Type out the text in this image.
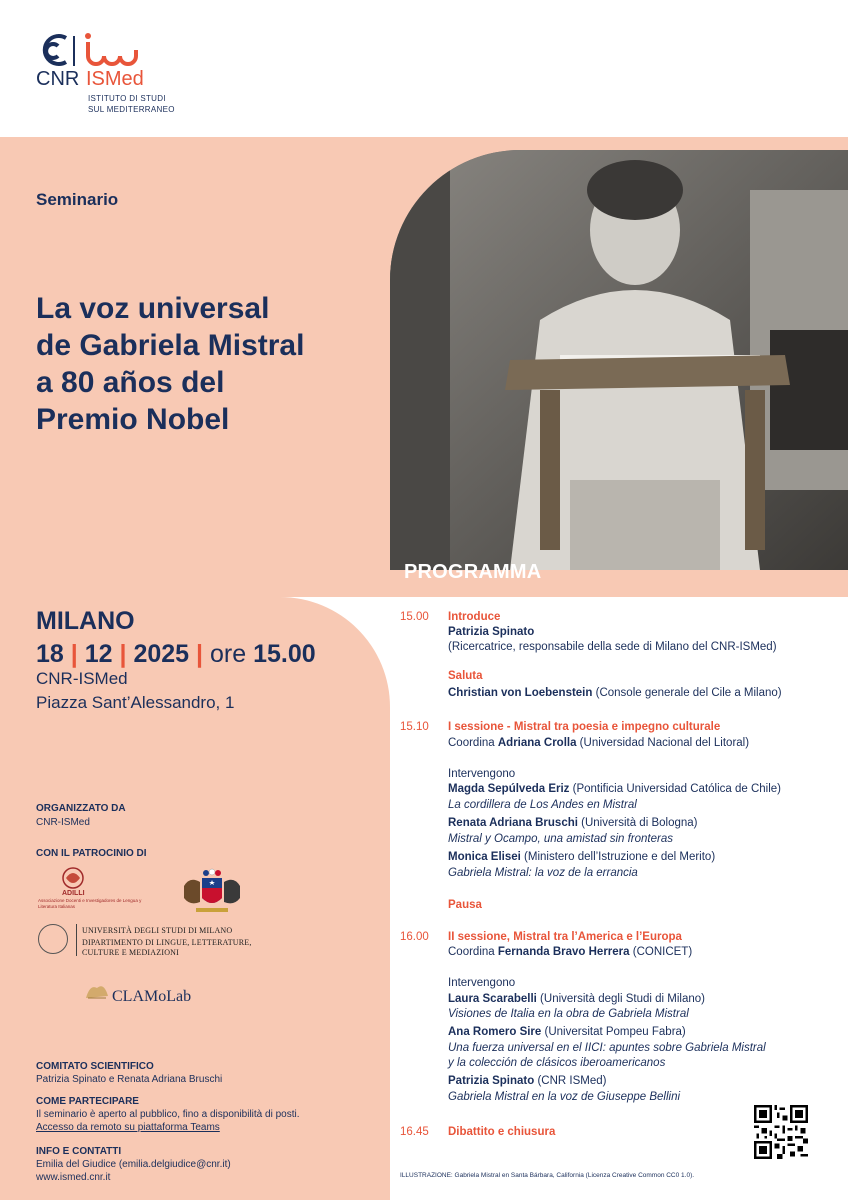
CNR ISMed
ISTITUTO DI STUDI
SUL MEDITERRANEO
Seminario
La voz universal
de Gabriela Mistral
a 80 años del
Premio Nobel
MILANO
18 | 12 | 2025 | ore 15.00
CNR-ISMed
Piazza Sant’Alessandro, 1
ORGANIZZATO DA
CNR-ISMed
CON IL PATROCINIO DI
ADILLI
Associazione Docenti e Investigadores de Lengua y Literatura Italianas
UNIVERSITÀ DEGLI STUDI DI MILANO
DIPARTIMENTO DI LINGUE, LETTERATURE,
CULTURE E MEDIAZIONI
CLAMoLab
COMITATO SCIENTIFICO
Patrizia Spinato e Renata Adriana Bruschi
COME PARTECIPARE
Il seminario è aperto al pubblico, fino a disponibilità di posti.
Accesso da remoto su piattaforma Teams
INFO E CONTATTI
Emilia del Giudice (emilia.delgiudice@cnr.it)
www.ismed.cnr.it
PROGRAMMA
15.00 Introduce
Patrizia Spinato
(Ricercatrice, responsabile della sede di Milano del CNR-ISMed)
Saluta
Christian von Loebenstein (Console generale del Cile a Milano)
15.10 I sessione - Mistral tra poesia e impegno culturale
Coordina Adriana Crolla (Universidad Nacional del Litoral)
Intervengono
Magda Sepúlveda Eriz (Pontificia Universidad Católica de Chile)
La cordillera de Los Andes en Mistral
Renata Adriana Bruschi (Università di Bologna)
Mistral y Ocampo, una amistad sin fronteras
Monica Elisei (Ministero dell’Istruzione e del Merito)
Gabriela Mistral: la voz de la errancia
Pausa
16.00 II sessione, Mistral tra l’America e l’Europa
Coordina Fernanda Bravo Herrera (CONICET)
Intervengono
Laura Scarabelli (Università degli Studi di Milano)
Visiones de Italia en la obra de Gabriela Mistral
Ana Romero Sire (Universitat Pompeu Fabra)
Una fuerza universal en el IICI: apuntes sobre Gabriela Mistral
y la colección de clásicos iberoamericanos
Patrizia Spinato (CNR ISMed)
Gabriela Mistral en la voz de Giuseppe Bellini
16.45 Dibattito e chiusura
ILLUSTRAZIONE: Gabriela Mistral en Santa Bárbara, California (Licenza Creative Common CC0 1.0).
